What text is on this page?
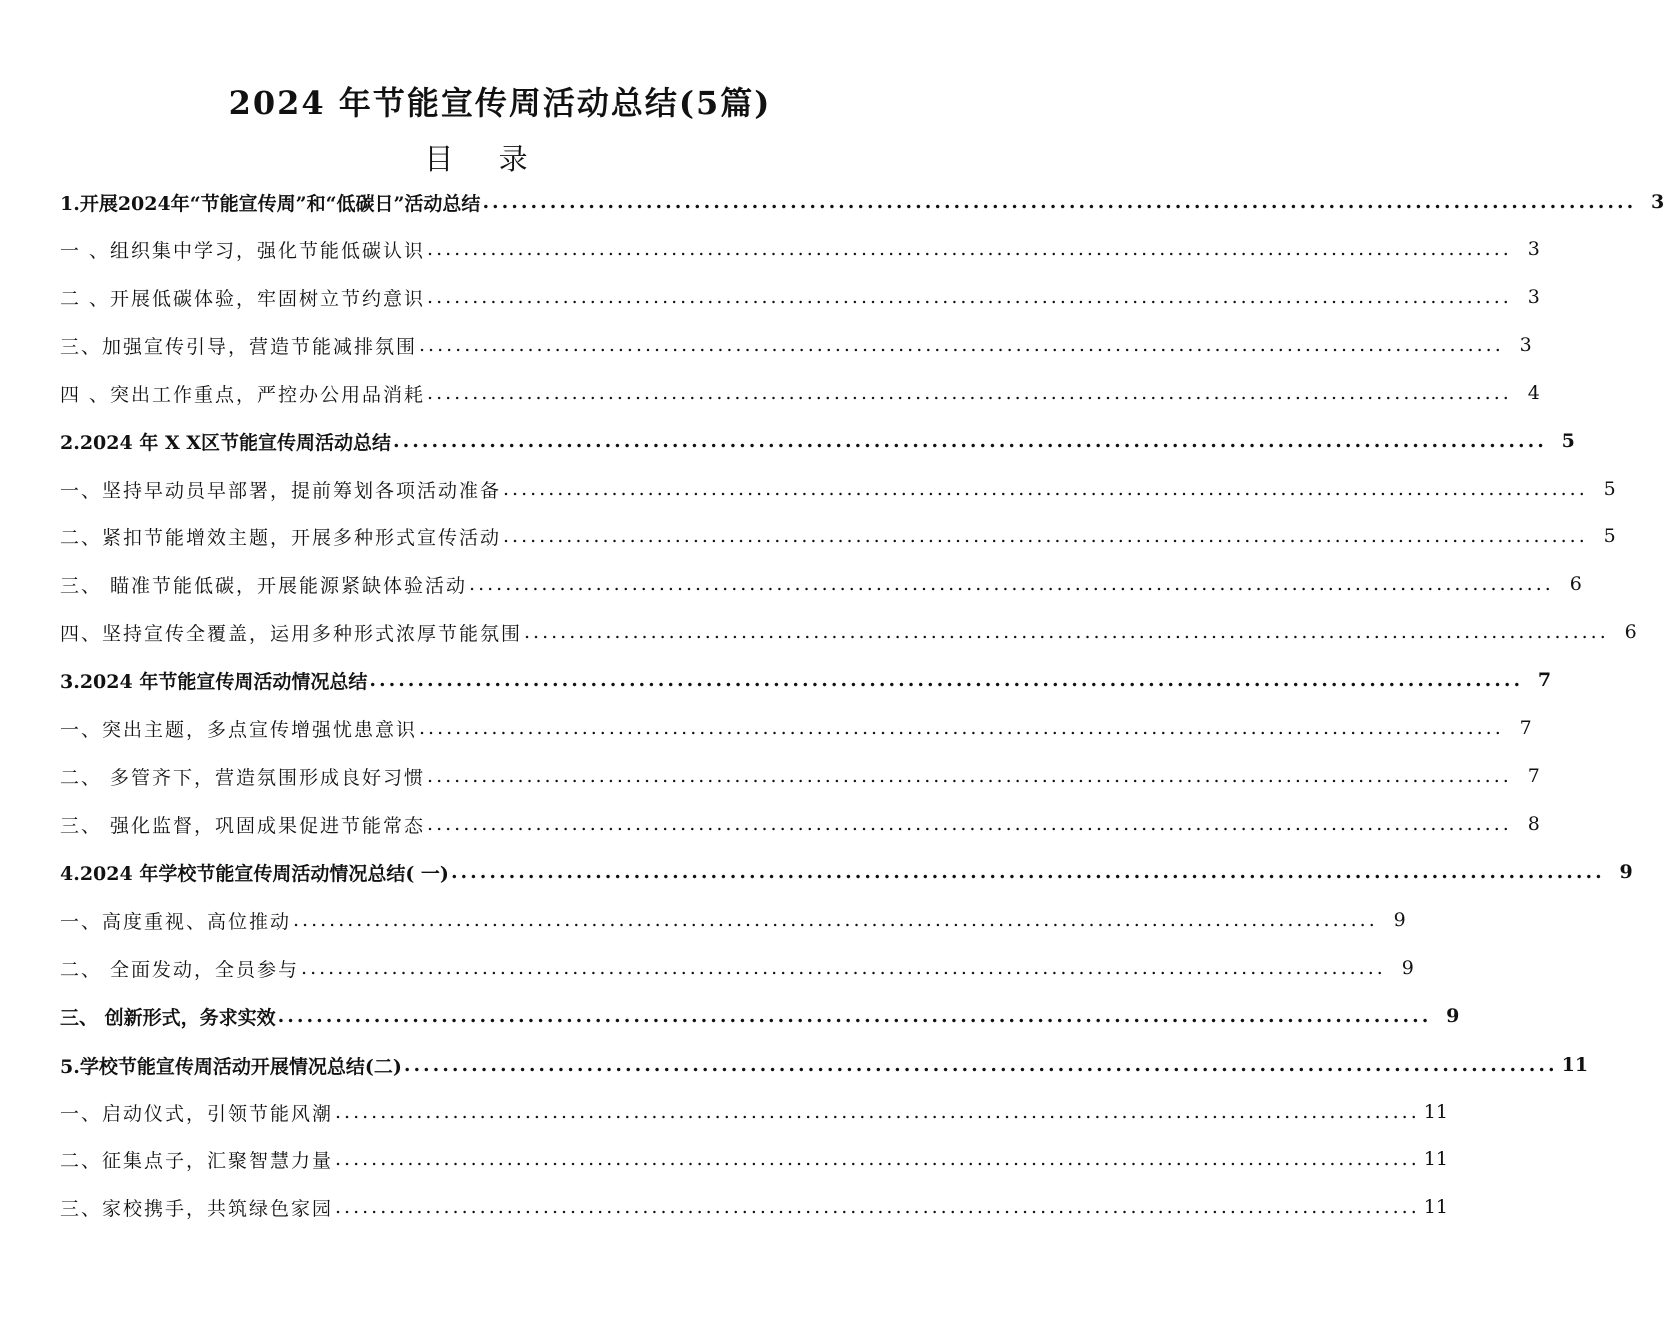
2024 年节能宣传周活动总结(5篇)
目 录
1.开展2024年“节能宣传周”和“低碳日”活动总结 ........................................................................................................................ 3
一 、组织集中学习，强化节能低碳认识 ........................................................................................................................ 3
二 、开展低碳体验，牢固树立节约意识 ........................................................................................................................ 3
三、加强宣传引导，营造节能减排氛围 ........................................................................................................................ 3
四 、突出工作重点，严控办公用品消耗 ........................................................................................................................ 4
2.2024 年 X X区节能宣传周活动总结 ........................................................................................................................ 5
一、坚持早动员早部署，提前筹划各项活动准备 ........................................................................................................................ 5
二、紧扣节能增效主题，开展多种形式宣传活动 ........................................................................................................................ 5
三、 瞄准节能低碳，开展能源紧缺体验活动 ........................................................................................................................ 6
四、坚持宣传全覆盖，运用多种形式浓厚节能氛围 ........................................................................................................................ 6
3.2024 年节能宣传周活动情况总结 ........................................................................................................................ 7
一、突出主题，多点宣传增强忧患意识 ........................................................................................................................ 7
二、 多管齐下，营造氛围形成良好习惯 ........................................................................................................................ 7
三、 强化监督，巩固成果促进节能常态 ........................................................................................................................ 8
4.2024 年学校节能宣传周活动情况总结( 一) ........................................................................................................................ 9
一、高度重视、高位推动 ........................................................................................................................ 9
二、 全面发动，全员参与 ........................................................................................................................ 9
三、 创新形式，务求实效 ........................................................................................................................ 9
5.学校节能宣传周活动开展情况总结(二) ........................................................................................................................ 11
一、启动仪式，引领节能风潮 ........................................................................................................................ 11
二、征集点子，汇聚智慧力量 ........................................................................................................................ 11
三、家校携手，共筑绿色家园 ........................................................................................................................ 11
